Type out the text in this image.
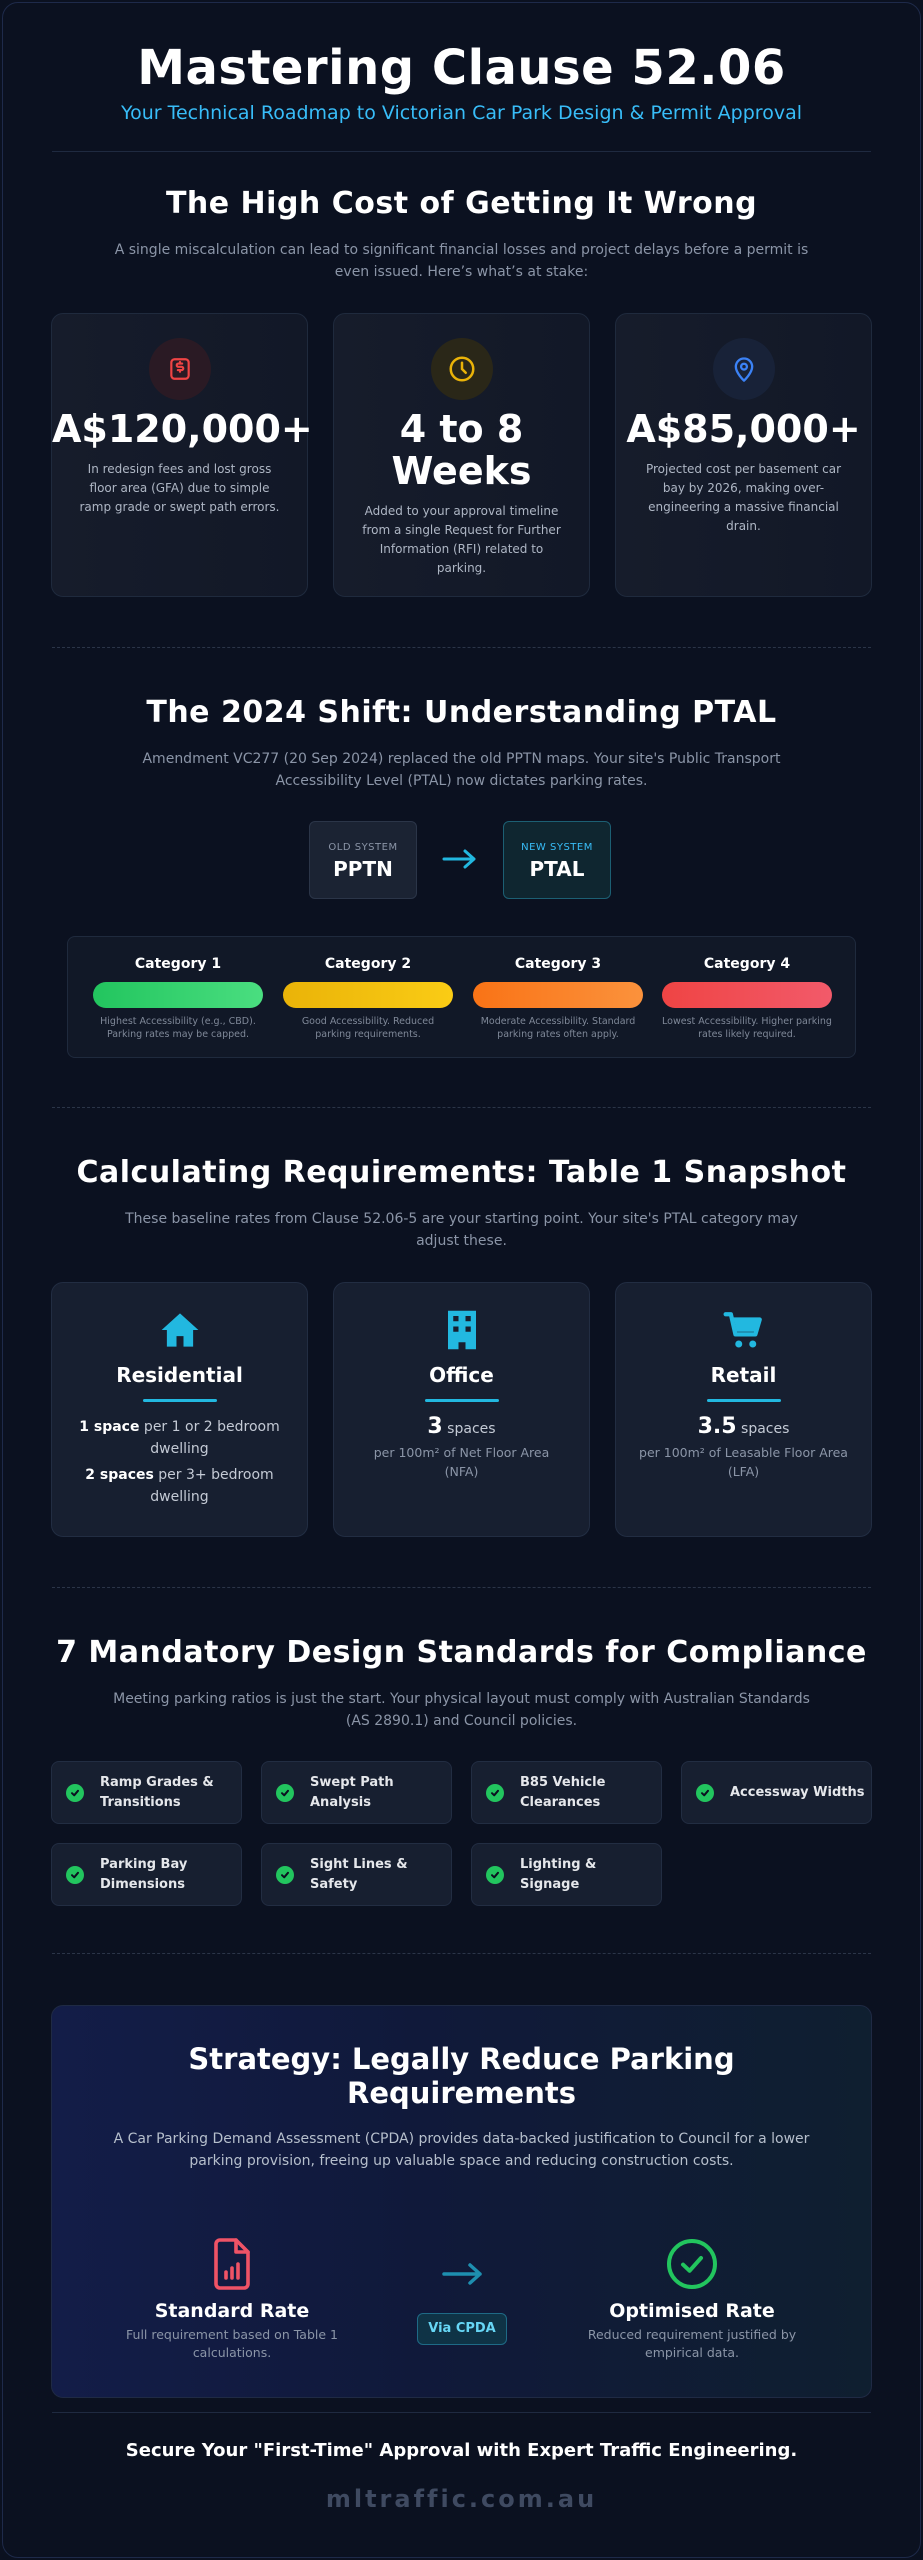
Mastering Clause 52.06
Your Technical Roadmap to Victorian Car Park Design & Permit Approval
The High Cost of Getting It Wrong
A single miscalculation can lead to significant financial losses and project delays before a permit is even issued. Here’s what’s at stake:
A$120,000+
In redesign fees and lost gross floor area (GFA) due to simple ramp grade or swept path errors.
4 to 8
Weeks
Added to your approval timeline from a single Request for Further Information (RFI) related to parking.
A$85,000+
Projected cost per basement car bay by 2026, making over-engineering a massive financial drain.
The 2024 Shift: Understanding PTAL
Amendment VC277 (20 Sep 2024) replaced the old PPTN maps. Your site's Public Transport Accessibility Level (PTAL) now dictates parking rates.
OLD SYSTEM
PPTN
NEW SYSTEM
PTAL
Category 1
Highest Accessibility (e.g., CBD). Parking rates may be capped.
Category 2
Good Accessibility. Reduced parking requirements.
Category 3
Moderate Accessibility. Standard parking rates often apply.
Category 4
Lowest Accessibility. Higher parking rates likely required.
Calculating Requirements: Table 1 Snapshot
These baseline rates from Clause 52.06-5 are your starting point. Your site's PTAL category may adjust these.
Residential
1 space per 1 or 2 bedroom dwelling
2 spaces per 3+ bedroom dwelling
Office
3 spaces
per 100m² of Net Floor Area (NFA)
Retail
3.5 spaces
per 100m² of Leasable Floor Area (LFA)
7 Mandatory Design Standards for Compliance
Meeting parking ratios is just the start. Your physical layout must comply with Australian Standards (AS 2890.1) and Council policies.
Ramp Grades &
Transitions
Swept Path
Analysis
B85 Vehicle
Clearances
Accessway Widths
Parking Bay
Dimensions
Sight Lines &
Safety
Lighting &
Signage
Strategy: Legally Reduce Parking
Requirements
A Car Parking Demand Assessment (CPDA) provides data-backed justification to Council for a lower parking provision, freeing up valuable space and reducing construction costs.
Standard Rate
Full requirement based on Table 1 calculations.
Via CPDA
Optimised Rate
Reduced requirement justified by empirical data.
Secure Your "First-Time" Approval with Expert Traffic Engineering.
mltraffic.com.au
